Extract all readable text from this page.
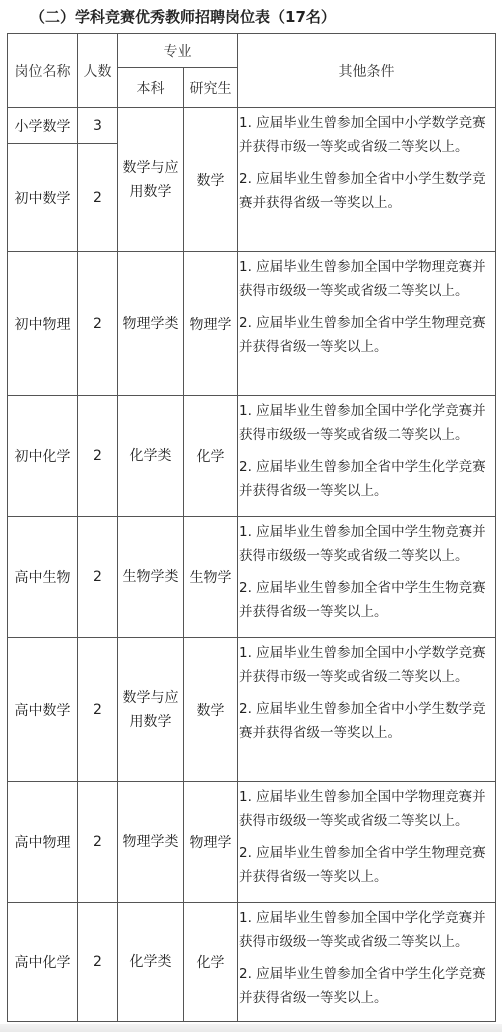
（二）学科竞赛优秀教师招聘岗位表（17名）
岗位名称	人数	专业		其他条件
		本科	研究生	
小学数学	3	数学与应用数学	数学	1. 应届毕业生曾参加全国中小学数学竞赛并获得市级一等奖或省级二等奖以上。

2. 应届毕业生曾参加全省中小学生数学竞赛并获得省级一等奖以上。

初中数学	2			
初中物理	2	物理学类	物理学	1. 应届毕业生曾参加全国中学物理竞赛并获得市级级一等奖或省级二等奖以上。

2. 应届毕业生曾参加全省中学生物理竞赛并获得省级一等奖以上。

初中化学	2	化学类	化学	1. 应届毕业生曾参加全国中学化学竞赛并获得市级级一等奖或省级二等奖以上。

2. 应届毕业生曾参加全省中学生化学竞赛并获得省级一等奖以上。

高中生物	2	生物学类	生物学	1. 应届毕业生曾参加全国中学生物竞赛并获得市级级一等奖或省级二等奖以上。

2. 应届毕业生曾参加全省中学生生物竞赛并获得省级一等奖以上。

高中数学	2	数学与应用数学	数学	1. 应届毕业生曾参加全国中小学数学竞赛并获得市级一等奖或省级二等奖以上。

2. 应届毕业生曾参加全省中小学生数学竞赛并获得省级一等奖以上。

高中物理	2	物理学类	物理学	1. 应届毕业生曾参加全国中学物理竞赛并获得市级级一等奖或省级二等奖以上。

2. 应届毕业生曾参加全省中学生物理竞赛并获得省级一等奖以上。

高中化学	2	化学类	化学	1. 应届毕业生曾参加全国中学化学竞赛并获得市级级一等奖或省级二等奖以上。

2. 应届毕业生曾参加全省中学生化学竞赛并获得省级一等奖以上。
